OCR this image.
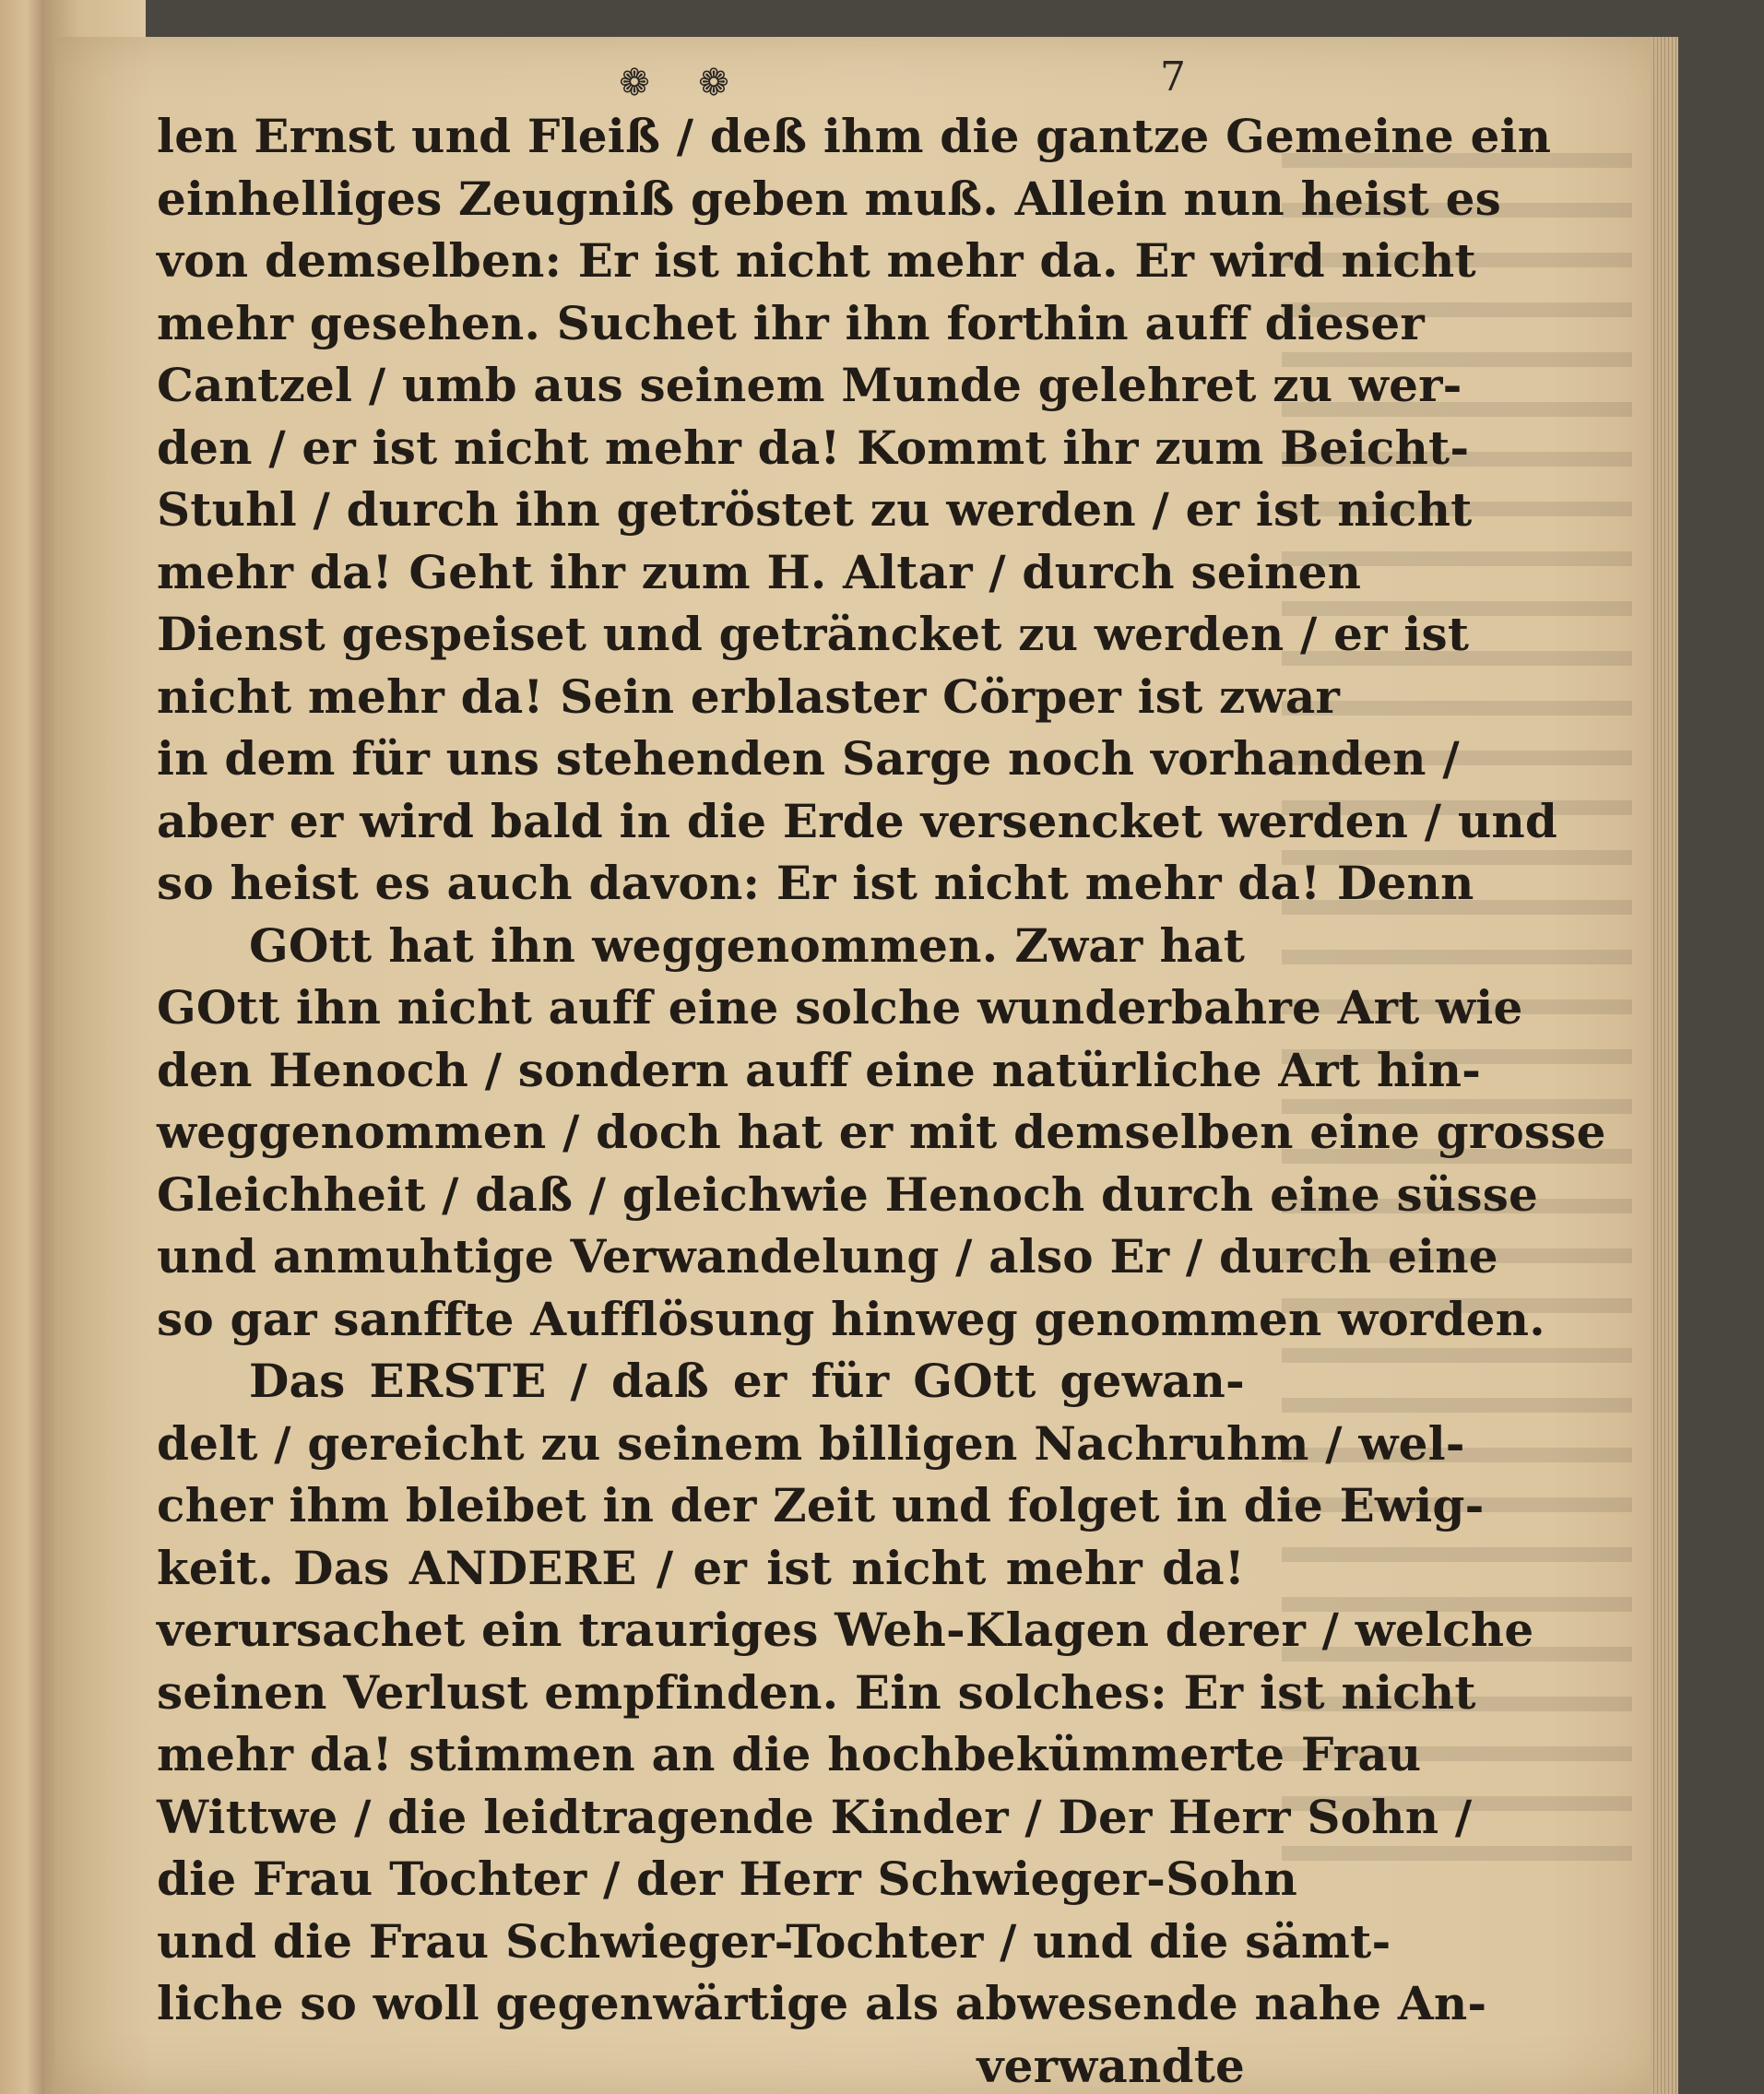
❁ ❁	7
len Ernst und Fleiß / deß ihm die gantze Gemeine ein
einhelliges Zeugniß geben muß. Allein nun heist es
von demselben: Er ist nicht mehr da. Er wird nicht
mehr gesehen. Suchet ihr ihn forthin auff dieser
Cantzel / umb aus seinem Munde gelehret zu wer-
den / er ist nicht mehr da! Kommt ihr zum Beicht-
Stuhl / durch ihn getröstet zu werden / er ist nicht
mehr da! Geht ihr zum H. Altar / durch seinen
Dienst gespeiset und geträncket zu werden / er ist
nicht mehr da! Sein erblaster Cörper ist zwar
in dem für uns stehenden Sarge noch vorhanden /
aber er wird bald in die Erde versencket werden / und
so heist es auch davon: Er ist nicht mehr da! Denn
GOtt hat ihn weggenommen. Zwar hat
GOtt ihn nicht auff eine solche wunderbahre Art wie
den Henoch / sondern auff eine natürliche Art hin-
weggenommen / doch hat er mit demselben eine grosse
Gleichheit / daß / gleichwie Henoch durch eine süsse
und anmuhtige Verwandelung / also Er / durch eine
so gar sanffte Aufflösung hinweg genommen worden.
Das ERSTE / daß er für GOtt gewan-
delt / gereicht zu seinem billigen Nachruhm / wel-
cher ihm bleibet in der Zeit und folget in die Ewig-
keit. Das ANDERE / er ist nicht mehr da!
verursachet ein trauriges Weh-Klagen derer / welche
seinen Verlust empfinden. Ein solches: Er ist nicht
mehr da! stimmen an die hochbekümmerte Frau
Wittwe / die leidtragende Kinder / Der Herr Sohn /
die Frau Tochter / der Herr Schwieger-Sohn
und die Frau Schwieger-Tochter / und die sämt-
liche so woll gegenwärtige als abwesende nahe An-
verwandte
